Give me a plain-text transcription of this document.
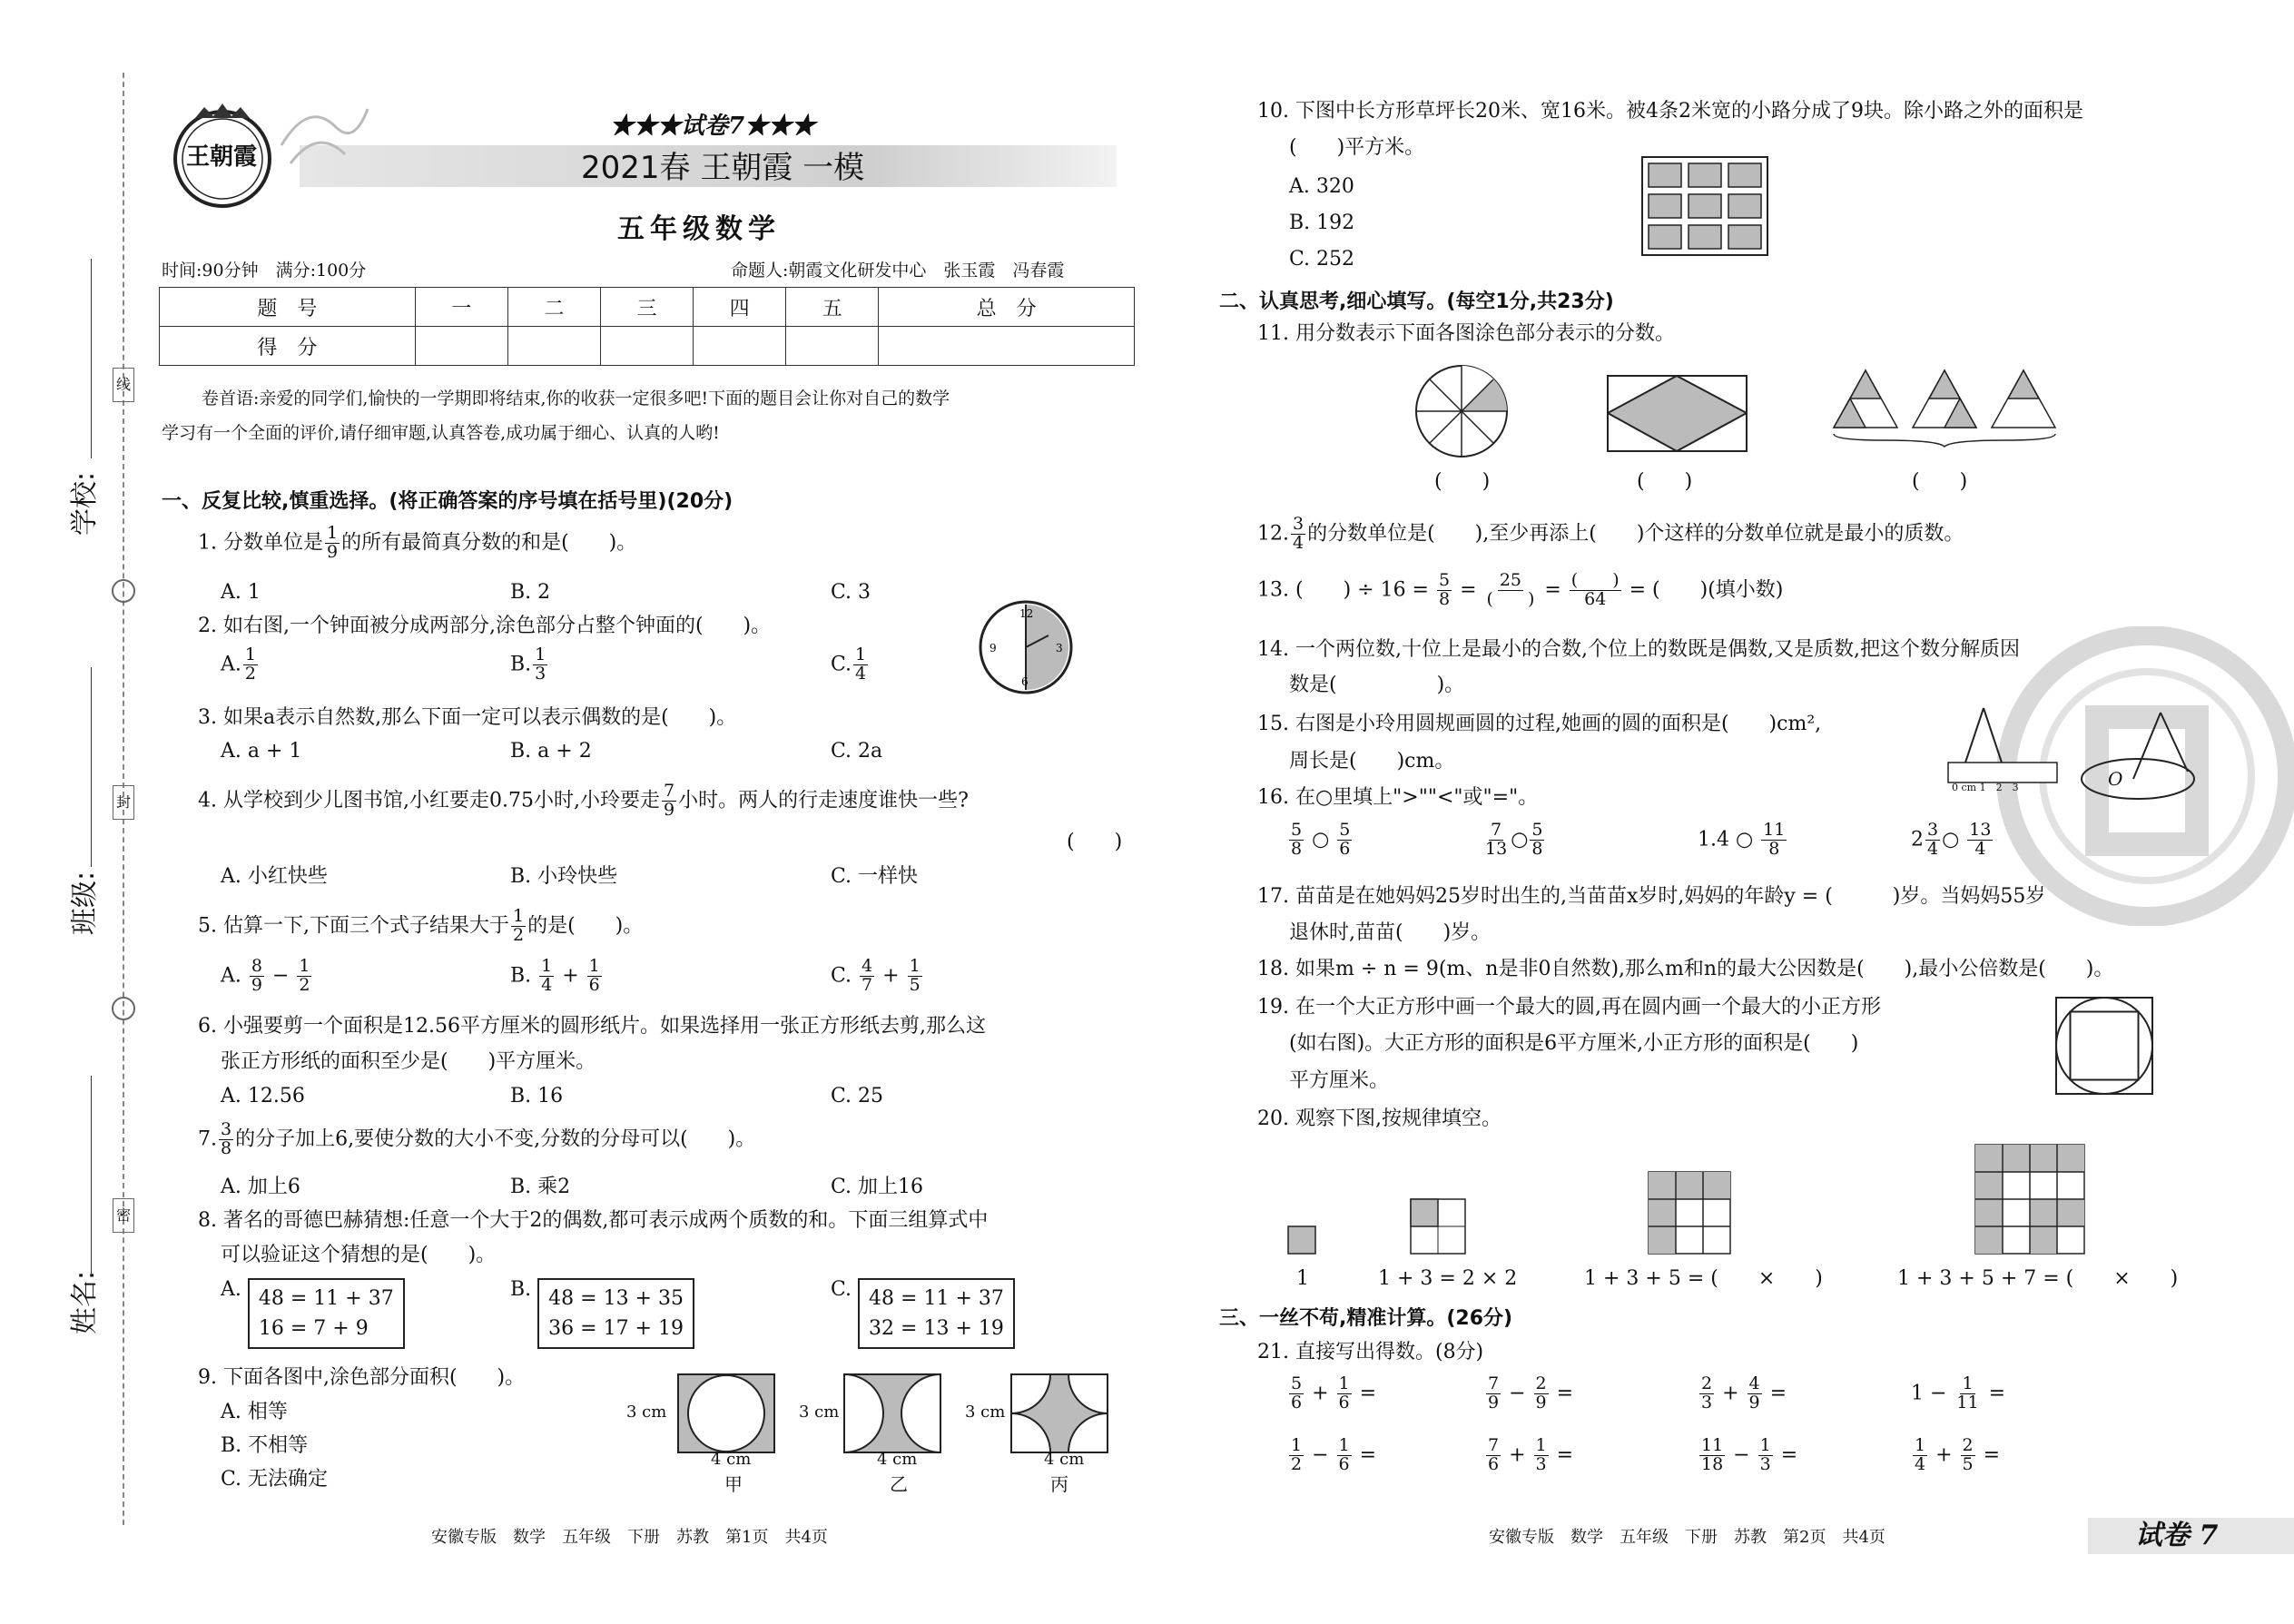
线
封
密
学校:
班级:
姓名:
王朝霞
★★★试卷7★★★
2021春 王朝霞 一模
五年级数学
时间:90分钟　满分:100分	命题人:朝霞文化研发中心　张玉霞　冯春霞
题　号	一	二	三	四	五	总　分
得　分						
卷首语:亲爱的同学们,愉快的一学期即将结束,你的收获一定很多吧!下面的题目会让你对自己的数学
学习有一个全面的评价,请仔细审题,认真答卷,成功属于细心、认真的人哟!
一、反复比较,慎重选择。(将正确答案的序号填在括号里)(20分)
1. 分数单位是 $\frac{1}{9}$ 的所有最简真分数的和是(　　)。
A. 1	B. 2	C. 3
2. 如右图,一个钟面被分成两部分,涂色部分占整个钟面的(　　)。
A. $\frac{1}{2}$	B. $\frac{1}{3}$	C. $\frac{1}{4}$
12
3
6
9
3. 如果a表示自然数,那么下面一定可以表示偶数的是(　　)。
A. a + 1	B. a + 2	C. 2a
4. 从学校到少儿图书馆,小红要走0.75小时,小玲要走 $\frac{7}{9}$ 小时。两人的行走速度谁快一些?
(　　)
A. 小红快些	B. 小玲快些	C. 一样快
5. 估算一下,下面三个式子结果大于 $\frac{1}{2}$ 的是(　　)。
A. $\frac{8}{9} - \frac{1}{2}$	B. $\frac{1}{4} + \frac{1}{6}$	C. $\frac{4}{7} + \frac{1}{5}$
6. 小强要剪一个面积是12.56平方厘米的圆形纸片。如果选择用一张正方形纸去剪,那么这
张正方形纸的面积至少是(　　)平方厘米。
A. 12.56	B. 16	C. 25
7. $\frac{3}{8}$ 的分子加上6,要使分数的大小不变,分数的分母可以(　　)。
A. 加上6	B. 乘2	C. 加上16
8. 著名的哥德巴赫猜想:任意一个大于2的偶数,都可表示成两个质数的和。下面三组算式中
可以验证这个猜想的是(　　)。
A. 48 = 11 + 37
16 = 7 + 9
B. 48 = 13 + 35
36 = 17 + 19
C. 48 = 11 + 37
32 = 13 + 19
9. 下面各图中,涂色部分面积(　　)。
A. 相等
B. 不相等
C. 无法确定
3 cm	3 cm	3 cm
4 cm	4 cm	4 cm
甲	乙	丙
安徽专版　数学　五年级　下册　苏教　第1页　共4页
10. 下图中长方形草坪长20米、宽16米。被4条2米宽的小路分成了9块。除小路之外的面积是
(　　)平方米。
A. 320
B. 192
C. 252
二、认真思考,细心填写。(每空1分,共23分)
11. 用分数表示下面各图涂色部分表示的分数。
(　　)	(　　)	(　　)
12. $\frac{3}{4}$ 的分数单位是(　　),至少再添上(　　)个这样的分数单位就是最小的质数。
13. (　　) ÷ $16 = \frac{5}{8} = \frac{25}{( )} = \frac{( )}{64}$ = (　　)(填小数)
14. 一个两位数,十位上是最小的合数,个位上的数既是偶数,又是质数,把这个数分解质因
数是(　　　　　)。
15. 右图是小玲用圆规画圆的过程,她画的圆的面积是(　　)cm²,
周长是(　　)cm。
0 cm 1　2　3	O
16. 在○里填上">""<"或"="。
$\frac{5}{8}$ ○ $\frac{5}{6}$	$\frac{7}{13}$ ○ $\frac{5}{8}$	1.4 ○ $\frac{11}{8}$	$2 \frac{3}{4}$ ○ $\frac{13}{4}$
17. 苗苗是在她妈妈25岁时出生的,当苗苗x岁时,妈妈的年龄y = (　　　)岁。当妈妈55岁
退休时,苗苗(　　)岁。
18. 如果m ÷ n = 9(m、n是非0自然数),那么m和n的最大公因数是(　　),最小公倍数是(　　)。
19. 在一个大正方形中画一个最大的圆,再在圆内画一个最大的小正方形
(如右图)。大正方形的面积是6平方厘米,小正方形的面积是(　　)
平方厘米。
20. 观察下图,按规律填空。
1	1 + 3 = 2 × 2	1 + 3 + 5 = (　　×　　)	1 + 3 + 5 + 7 = (　　×　　)
三、一丝不苟,精准计算。(26分)
21. 直接写出得数。(8分)
$\frac{5}{6} + \frac{1}{6}$ =	$\frac{7}{9} - \frac{2}{9}$ =	$\frac{2}{3} + \frac{4}{9}$ =	$1 - \frac{1}{11}$ =
$\frac{1}{2} - \frac{1}{6}$ =	$\frac{7}{6} + \frac{1}{3}$ =	$\frac{11}{18} - \frac{1}{3}$ =	$\frac{1}{4} + \frac{2}{5}$ =
安徽专版　数学　五年级　下册　苏教　第2页　共4页	试卷 7
